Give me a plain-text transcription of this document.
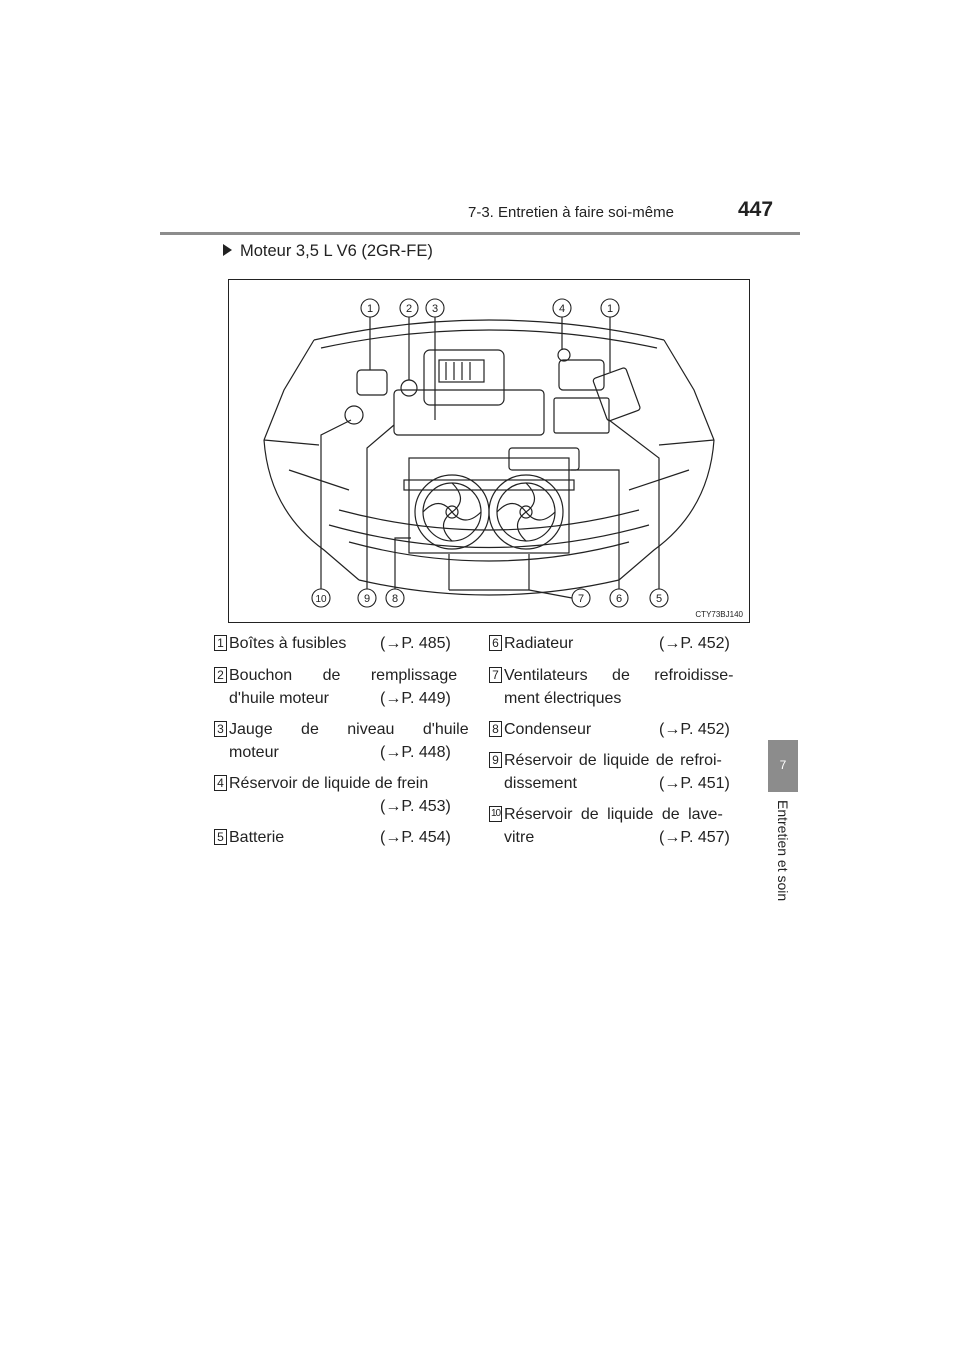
7-3. Entretien à faire soi-même	447
7
Entretien et soin
Moteur 3,5 L V6 (2GR-FE)
1	2 3	4	1
10	9 8	7	6	5
CTY73BJ140
1 Boîtes à fusibles (→P. 485)
2 Bouchon de remplissage
d'huile moteur	(→P. 449)
3 Jauge de niveau d'huile
moteur	(→P. 448)
4 Réservoir de liquide de frein
(→P. 453)
5 Batterie	(→P. 454)
6 Radiateur	(→P. 452)
7 Ventilateurs de refroidisse-
ment électriques
8 Condenseur	(→P. 452)
9 Réservoir de liquide de refroi-
dissement	(→P. 451)
10 Réservoir de liquide de lave-
vitre	(→P. 457)
